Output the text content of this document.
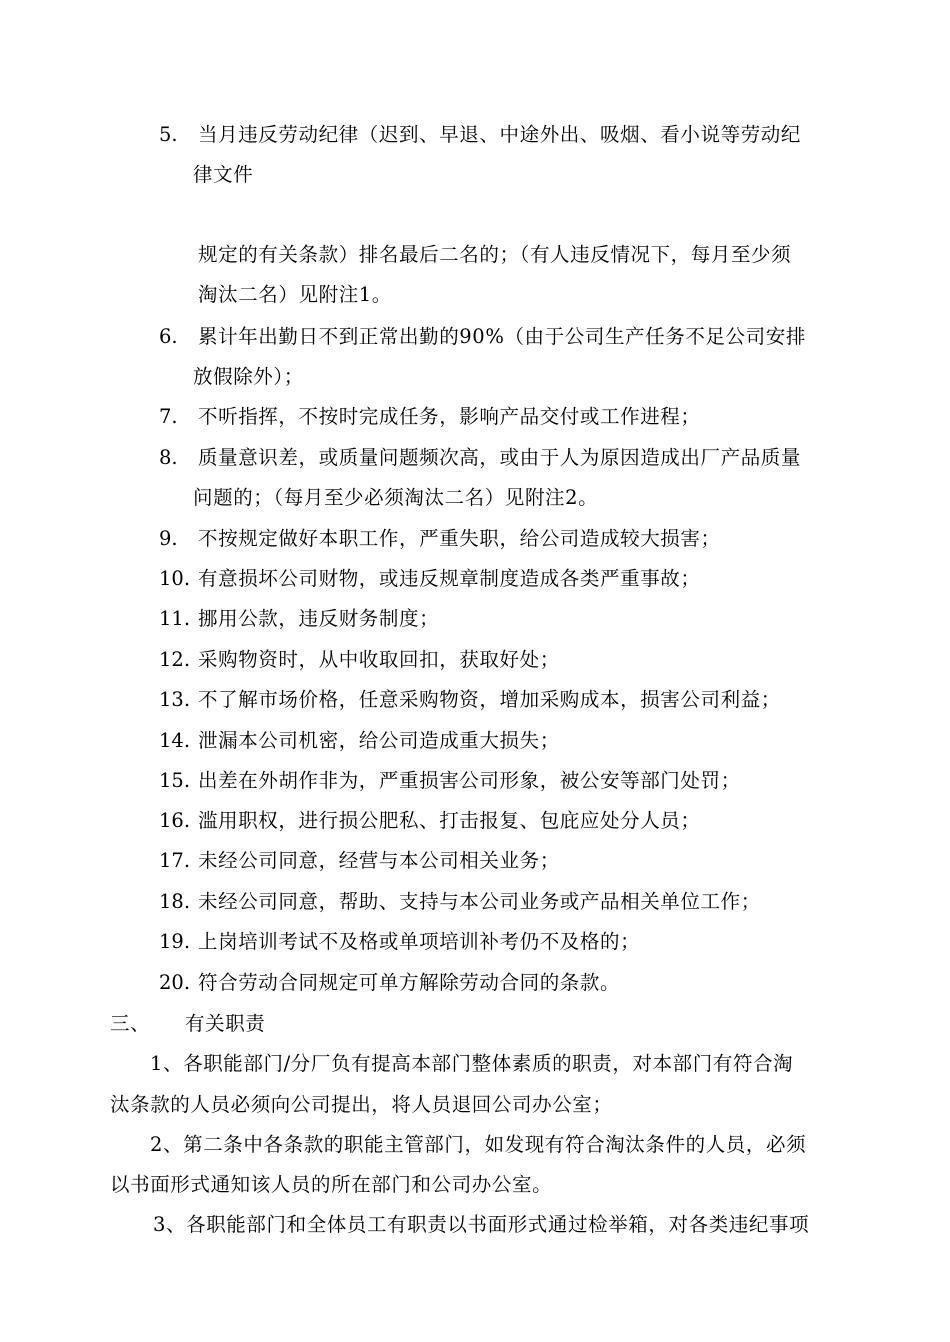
5. 当月违反劳动纪律（迟到、早退、中途外出、吸烟、看小说等劳动纪
律文件
规定的有关条款）排名最后二名的；（有人违反情况下，每月至少须
淘汰二名）见附注1。
6. 累计年出勤日不到正常出勤的90%（由于公司生产任务不足公司安排
放假除外）；
7. 不听指挥，不按时完成任务，影响产品交付或工作进程；
8. 质量意识差，或质量问题频次高，或由于人为原因造成出厂产品质量
问题的；（每月至少必须淘汰二名）见附注2。
9. 不按规定做好本职工作，严重失职，给公司造成较大损害；
10. 有意损坏公司财物，或违反规章制度造成各类严重事故；
11. 挪用公款，违反财务制度；
12. 采购物资时，从中收取回扣，获取好处；
13. 不了解市场价格，任意采购物资，增加采购成本，损害公司利益；
14. 泄漏本公司机密，给公司造成重大损失；
15. 出差在外胡作非为，严重损害公司形象，被公安等部门处罚；
16. 滥用职权，进行损公肥私、打击报复、包庇应处分人员；
17. 未经公司同意，经营与本公司相关业务；
18. 未经公司同意，帮助、支持与本公司业务或产品相关单位工作；
19. 上岗培训考试不及格或单项培训补考仍不及格的；
20. 符合劳动合同规定可单方解除劳动合同的条款。
三、 有关职责
1、各职能部门/分厂负有提高本部门整体素质的职责，对本部门有符合淘
汰条款的人员必须向公司提出，将人员退回公司办公室；
2、第二条中各条款的职能主管部门，如发现有符合淘汰条件的人员，必须
以书面形式通知该人员的所在部门和公司办公室。
3、各职能部门和全体员工有职责以书面形式通过检举箱，对各类违纪事项
